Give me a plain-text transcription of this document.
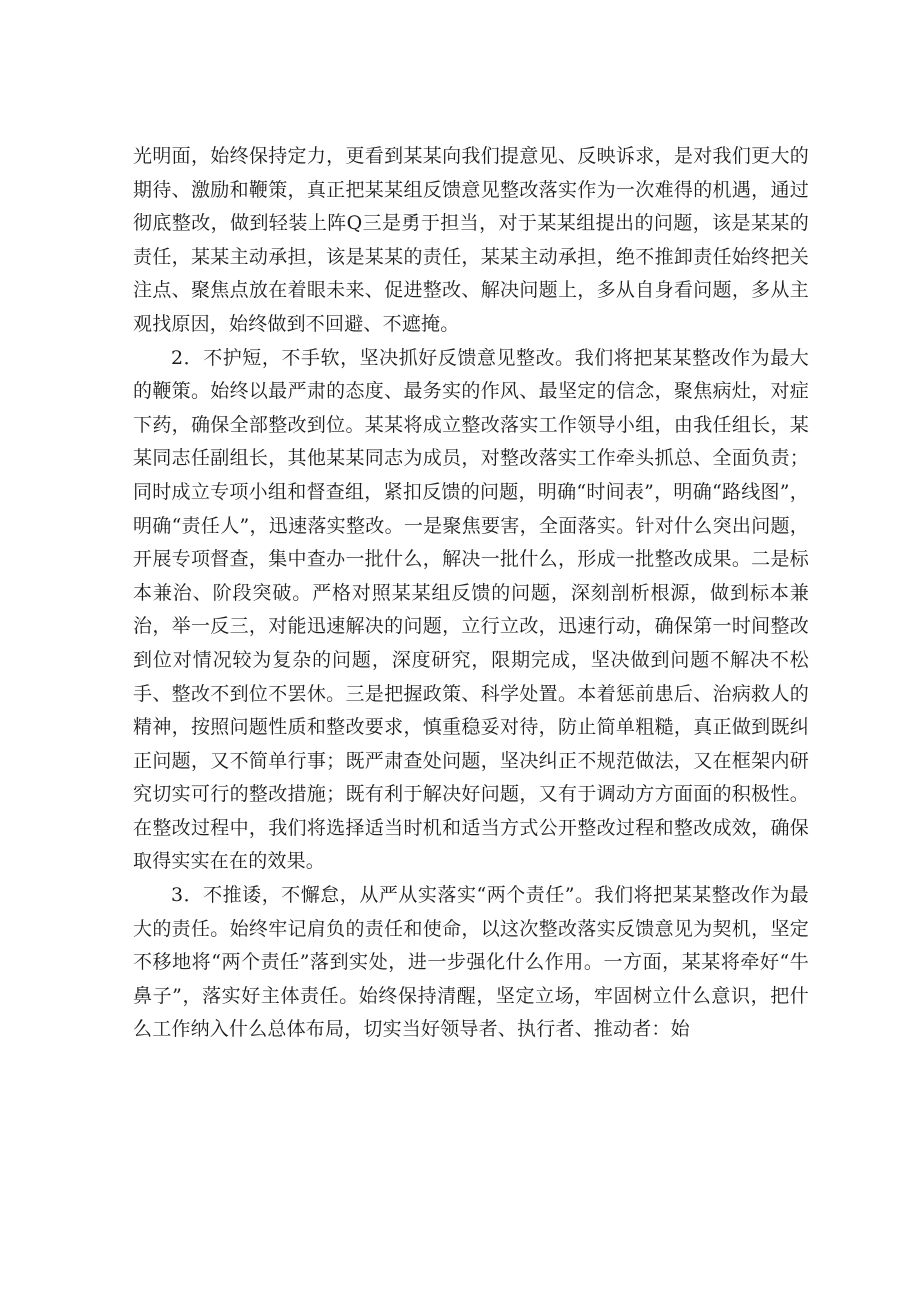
光明面，始终保持定力，更看到某某向我们提意见、反映诉求，是对我们更大的期待、激励和鞭策，真正把某某组反馈意见整改落实作为一次难得的机遇，通过彻底整改，做到轻装上阵Q三是勇于担当，对于某某组提出的问题，该是某某的责任，某某主动承担，该是某某的责任，某某主动承担，绝不推卸责任始终把关注点、聚焦点放在着眼未来、促进整改、解决问题上，多从自身看问题，多从主观找原因，始终做到不回避、不遮掩。

2．不护短，不手软，坚决抓好反馈意见整改。我们将把某某整改作为最大的鞭策。始终以最严肃的态度、最务实的作风、最坚定的信念，聚焦病灶，对症下药，确保全部整改到位。某某将成立整改落实工作领导小组，由我任组长，某某同志任副组长，其他某某同志为成员，对整改落实工作牵头抓总、全面负责；同时成立专项小组和督查组，紧扣反馈的问题，明确“时间表”，明确“路线图”，明确“责任人”，迅速落实整改。一是聚焦要害，全面落实。针对什么突出问题，开展专项督查，集中查办一批什么，解决一批什么，形成一批整改成果。二是标本兼治、阶段突破。严格对照某某组反馈的问题，深刻剖析根源，做到标本兼治，举一反三，对能迅速解决的问题，立行立改，迅速行动，确保第一时间整改到位对情况较为复杂的问题，深度研究，限期完成，坚决做到问题不解决不松手、整改不到位不罢休。三是把握政策、科学处置。本着惩前患后、治病救人的精神，按照问题性质和整改要求，慎重稳妥对待，防止简单粗糙，真正做到既纠正问题，又不简单行事；既严肃查处问题，坚决纠正不规范做法，又在框架内研究切实可行的整改措施；既有利于解决好问题，又有于调动方方面面的积极性。在整改过程中，我们将选择适当时机和适当方式公开整改过程和整改成效，确保取得实实在在的效果。

3．不推诿，不懈怠，从严从实落实“两个责任”。我们将把某某整改作为最大的责任。始终牢记肩负的责任和使命，以这次整改落实反馈意见为契机，坚定不移地将“两个责任”落到实处，进一步强化什么作用。一方面，某某将牵好“牛鼻子”，落实好主体责任。始终保持清醒，坚定立场，牢固树立什么意识，把什么工作纳入什么总体布局，切实当好领导者、执行者、推动者：始
